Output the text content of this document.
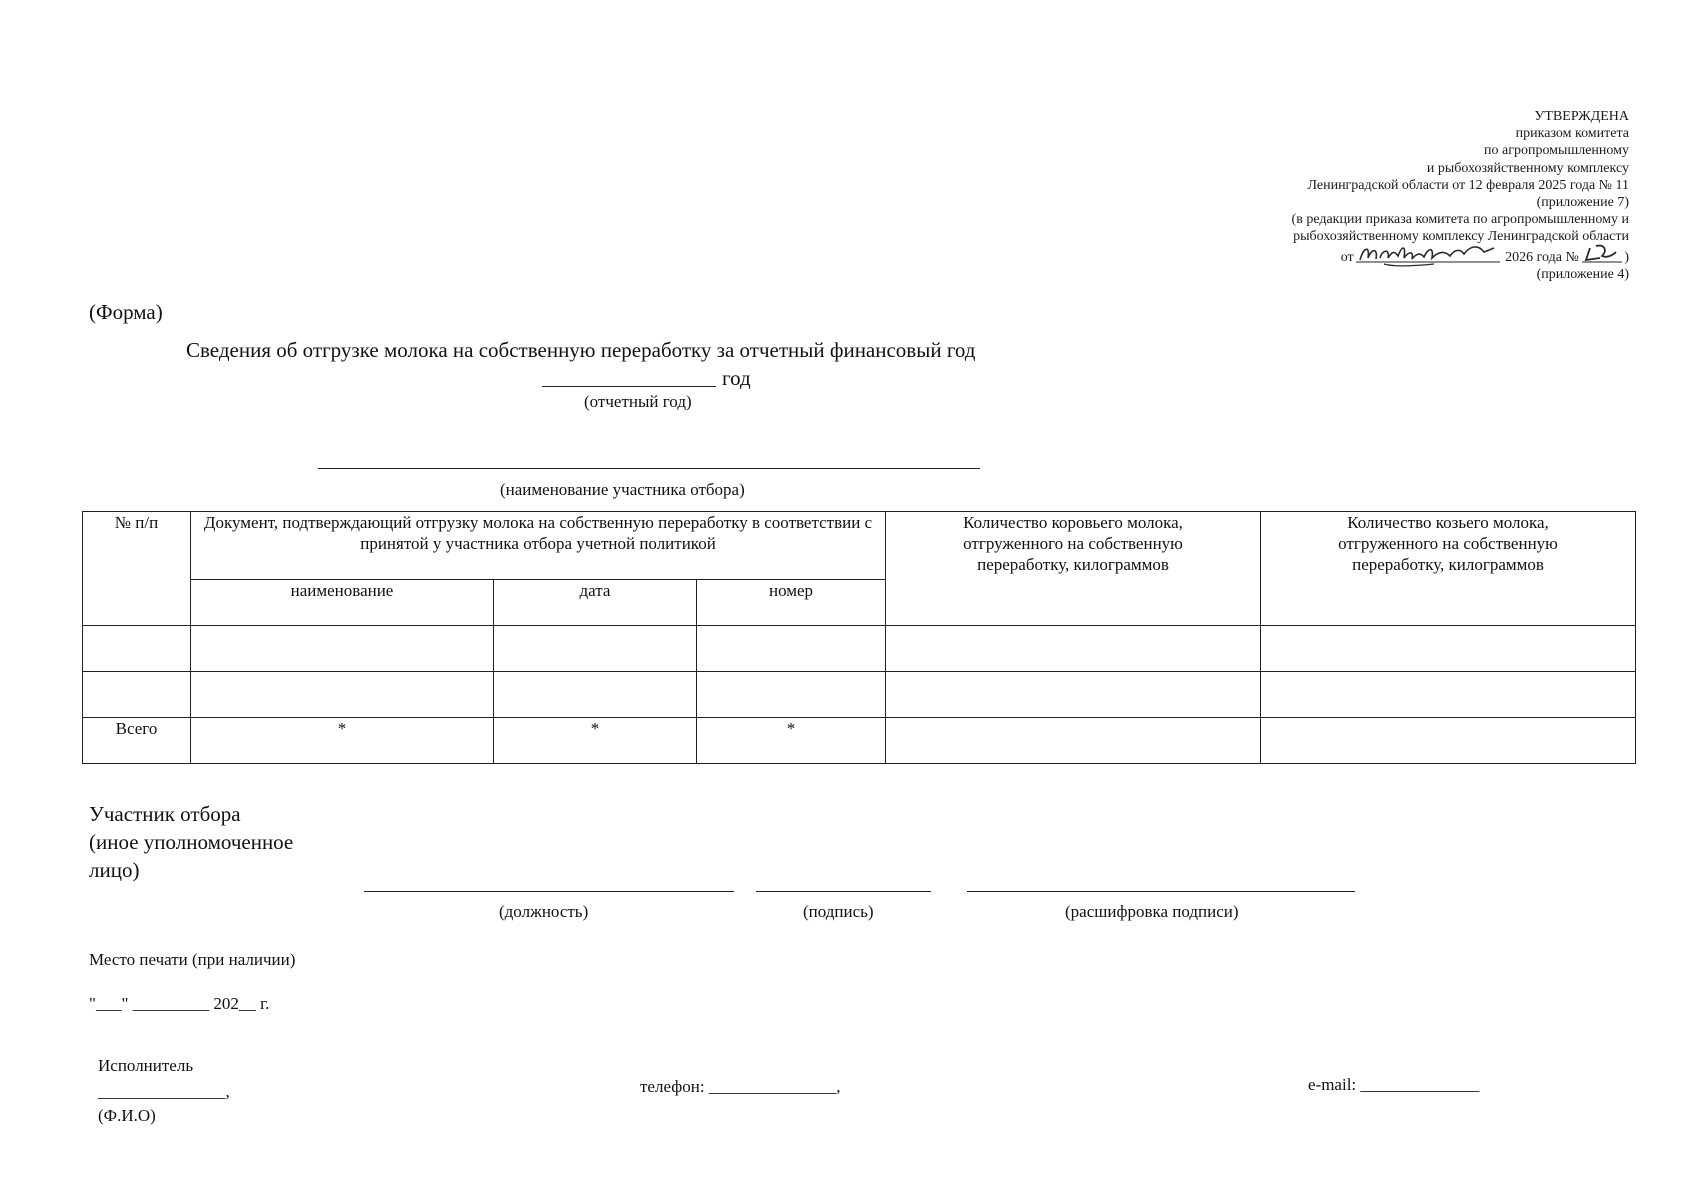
УТВЕРЖДЕНА
приказом комитета
по агропромышленному
и рыбохозяйственному комплексу
Ленинградской области от 12 февраля 2025 года № 11
(приложение 7)
(в редакции приказа комитета по агропромышленному и
рыбохозяйственному комплексу Ленинградской области
от	2026 года №	)
(приложение 4)
(Форма)
Сведения об отгрузке молока на собственную переработку за отчетный финансовый год
год
(отчетный год)
(наименование участника отбора)
№ п/п	Документ, подтверждающий отгрузку молока на собственную переработку в соответствии с принятой у участника отбора учетной политикой			Количество коровьего молока, отгруженного на собственную переработку, килограммов	Количество козьего молока, отгруженного на собственную переработку, килограммов
	наименование	дата	номер		

Всего	*	*	*		
Участник отбора
(иное уполномоченное
лицо)
(должность)	(подпись)	(расшифровка подписи)
Место печати (при наличии)
"___" _________ 202__ г.
Исполнитель
_______________,
(Ф.И.О)
телефон: _______________,	e-mail: ______________
